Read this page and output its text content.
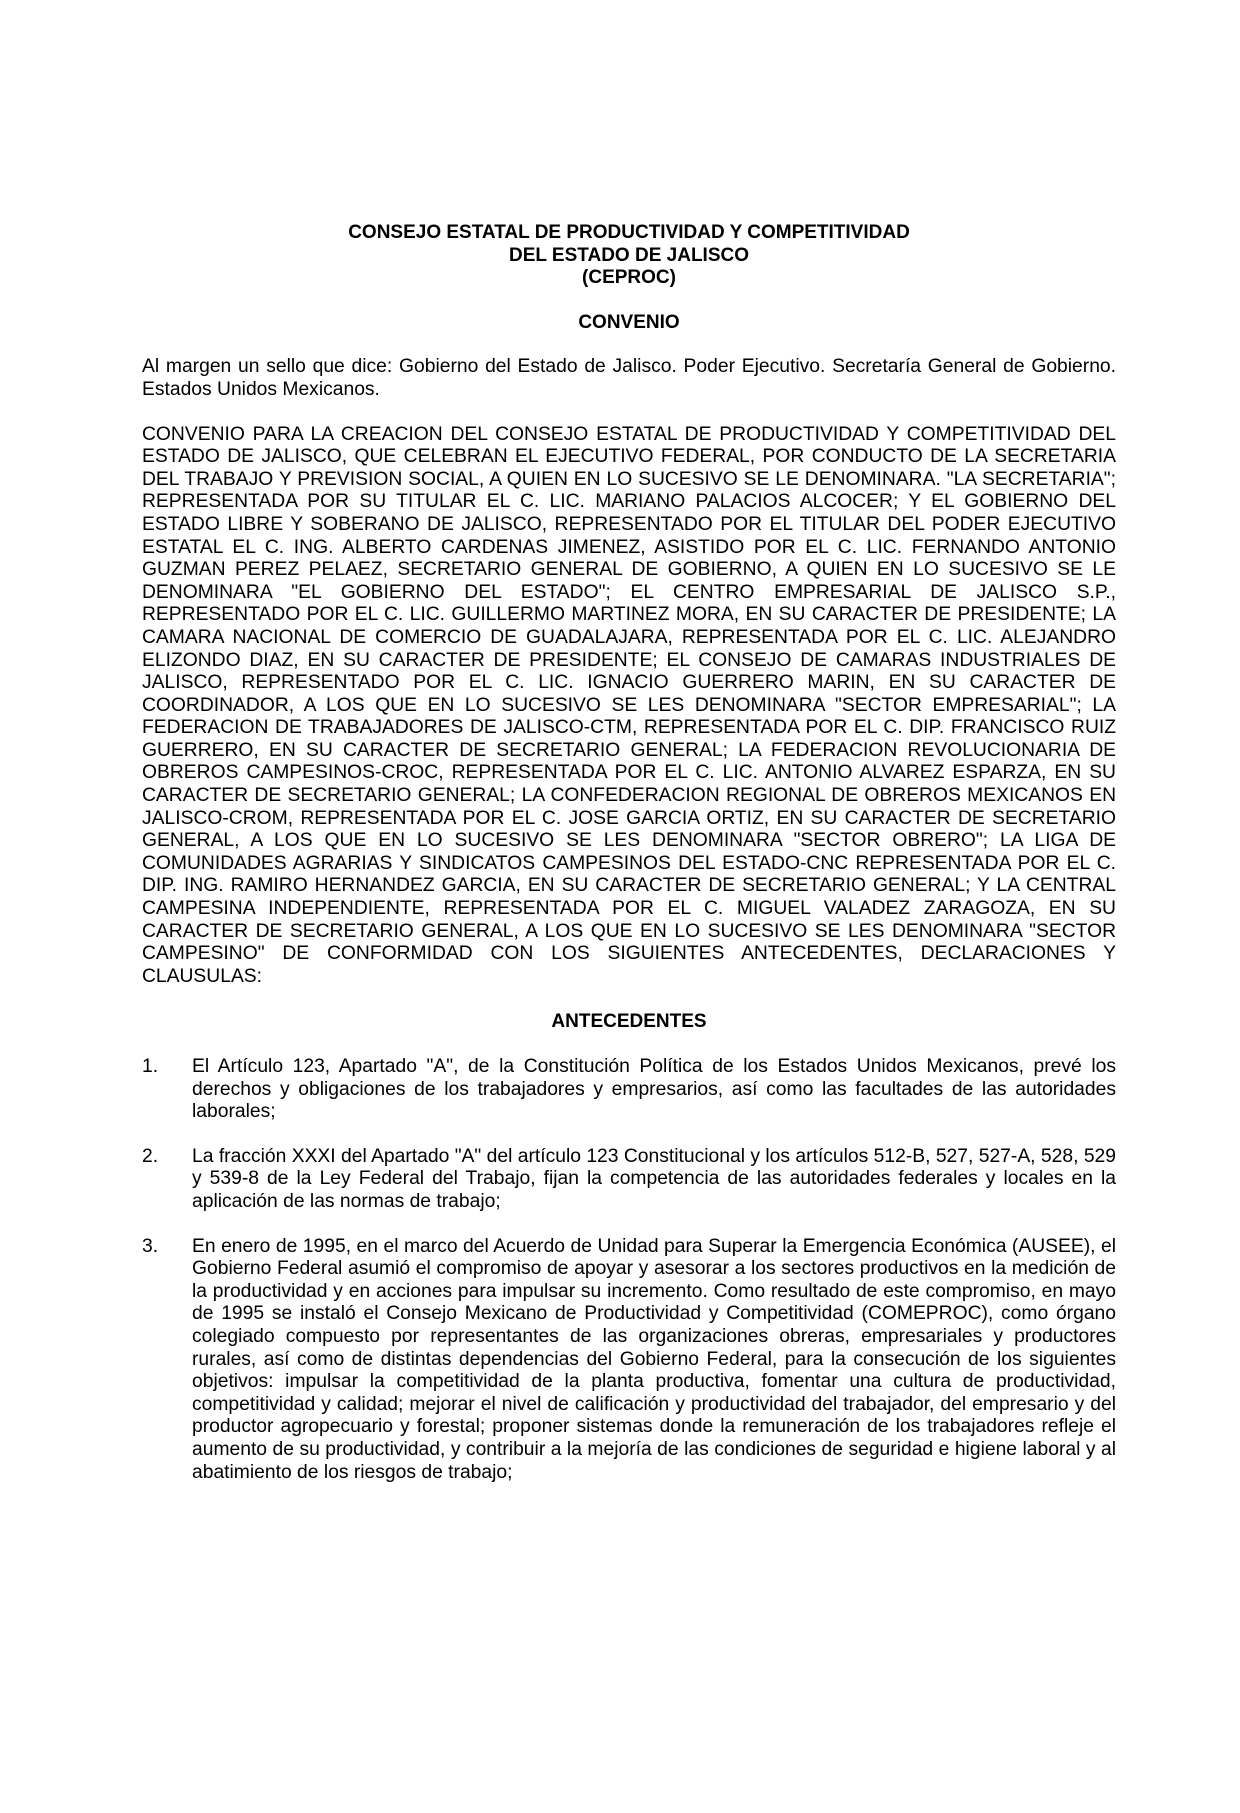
CONSEJO ESTATAL DE PRODUCTIVIDAD Y COMPETITIVIDAD
DEL ESTADO DE JALISCO
(CEPROC)
CONVENIO

Al margen un sello que dice: Gobierno del Estado de Jalisco. Poder Ejecutivo. Secretaría General de Gobierno. Estados Unidos Mexicanos.

CONVENIO PARA LA CREACION DEL CONSEJO ESTATAL DE PRODUCTIVIDAD Y COMPETITIVIDAD DEL ESTADO DE JALISCO, QUE CELEBRAN EL EJECUTIVO FEDERAL, POR CONDUCTO DE LA SECRETARIA DEL TRABAJO Y PREVISION SOCIAL, A QUIEN EN LO SUCESIVO SE LE DENOMINARA. "LA SECRETARIA"; REPRESENTADA POR SU TITULAR EL C. LIC. MARIANO PALACIOS ALCOCER; Y EL GOBIERNO DEL ESTADO LIBRE Y SOBERANO DE JALISCO, REPRESENTADO POR EL TITULAR DEL PODER EJECUTIVO ESTATAL EL C. ING. ALBERTO CARDENAS JIMENEZ, ASISTIDO POR EL C. LIC. FERNANDO ANTONIO GUZMAN PEREZ PELAEZ, SECRETARIO GENERAL DE GOBIERNO, A QUIEN EN LO SUCESIVO SE LE DENOMINARA "EL GOBIERNO DEL ESTADO"; EL CENTRO EMPRESARIAL DE JALISCO S.P., REPRESENTADO POR EL C. LIC. GUILLERMO MARTINEZ MORA, EN SU CARACTER DE PRESIDENTE; LA CAMARA NACIONAL DE COMERCIO DE GUADALAJARA, REPRESENTADA POR EL C. LIC. ALEJANDRO ELIZONDO DIAZ, EN SU CARACTER DE PRESIDENTE; EL CONSEJO DE CAMARAS INDUSTRIALES DE JALISCO, REPRESENTADO POR EL C. LIC. IGNACIO GUERRERO MARIN, EN SU CARACTER DE COORDINADOR, A LOS QUE EN LO SUCESIVO SE LES DENOMINARA "SECTOR EMPRESARIAL"; LA FEDERACION DE TRABAJADORES DE JALISCO-CTM, REPRESENTADA POR EL C. DIP. FRANCISCO RUIZ GUERRERO, EN SU CARACTER DE SECRETARIO GENERAL; LA FEDERACION REVOLUCIONARIA DE OBREROS CAMPESINOS-CROC, REPRESENTADA POR EL C. LIC. ANTONIO ALVAREZ ESPARZA, EN SU CARACTER DE SECRETARIO GENERAL; LA CONFEDERACION REGIONAL DE OBREROS MEXICANOS EN JALISCO-CROM, REPRESENTADA POR EL C. JOSE GARCIA ORTIZ, EN SU CARACTER DE SECRETARIO GENERAL, A LOS QUE EN LO SUCESIVO SE LES DENOMINARA "SECTOR OBRERO"; LA LIGA DE COMUNIDADES AGRARIAS Y SINDICATOS CAMPESINOS DEL ESTADO-CNC REPRESENTADA POR EL C. DIP. ING. RAMIRO HERNANDEZ GARCIA, EN SU CARACTER DE SECRETARIO GENERAL; Y LA CENTRAL CAMPESINA INDEPENDIENTE, REPRESENTADA POR EL C. MIGUEL VALADEZ ZARAGOZA, EN SU CARACTER DE SECRETARIO GENERAL, A LOS QUE EN LO SUCESIVO SE LES DENOMINARA "SECTOR CAMPESINO" DE CONFORMIDAD CON LOS SIGUIENTES ANTECEDENTES, DECLARACIONES Y CLAUSULAS:

ANTECEDENTES
1. El Artículo 123, Apartado "A", de la Constitución Política de los Estados Unidos Mexicanos, prevé los derechos y obligaciones de los trabajadores y empresarios, así como las facultades de las autoridades laborales;
2. La fracción XXXI del Apartado "A" del artículo 123 Constitucional y los artículos 512-B, 527, 527-A, 528, 529 y 539-8 de la Ley Federal del Trabajo, fijan la competencia de las autoridades federales y locales en la aplicación de las normas de trabajo;
3. En enero de 1995, en el marco del Acuerdo de Unidad para Superar la Emergencia Económica (AUSEE), el Gobierno Federal asumió el compromiso de apoyar y asesorar a los sectores productivos en la medición de la productividad y en acciones para impulsar su incremento. Como resultado de este compromiso, en mayo de 1995 se instaló el Consejo Mexicano de Productividad y Competitividad (COMEPROC), como órgano colegiado compuesto por representantes de las organizaciones obreras, empresariales y productores rurales, así como de distintas dependencias del Gobierno Federal, para la consecución de los siguientes objetivos: impulsar la competitividad de la planta productiva, fomentar una cultura de productividad, competitividad y calidad; mejorar el nivel de calificación y productividad del trabajador, del empresario y del productor agropecuario y forestal; proponer sistemas donde la remuneración de los trabajadores refleje el aumento de su productividad, y contribuir a la mejoría de las condiciones de seguridad e higiene laboral y al abatimiento de los riesgos de trabajo;
